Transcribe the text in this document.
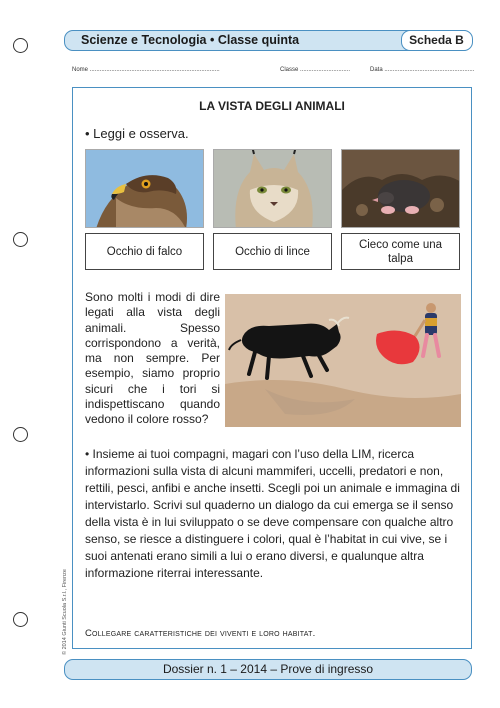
Scienze e Tecnologia • Classe quinta	Scheda B
Nome ..............................................................................	Classe ..............................	Data ......................................................
LA VISTA DEGLI ANIMALI
• Leggi e osserva.
Occhio di falco	Occhio di lince
Cieco come una talpa
Sono molti i modi di dire legati alla vista degli animali. Spesso corrispondono a verità, ma non sempre. Per esempio, siamo proprio sicuri che i tori si indispettiscano quando vedono il colore rosso?
• Insieme ai tuoi compagni, magari con l’uso della LIM, ricerca informazioni sulla vista di alcuni mammiferi, uccelli, predatori e non, rettili, pesci, anfibi e anche insetti. Scegli poi un animale e immagina di intervistarlo. Scrivi sul quaderno un dialogo da cui emerga se il senso della vista è in lui sviluppato o se deve compensare con qualche altro senso, se riesce a distinguere i colori, qual è l’habitat in cui vive, se i suoi antenati erano simili a lui o erano diversi, e qualunque altra informazione riterrai interessante.
Collegare caratteristiche dei viventi e loro habitat.
© 2014 Giunti Scuola S.r.l., Firenze
Dossier n. 1 – 2014 – Prove di ingresso
